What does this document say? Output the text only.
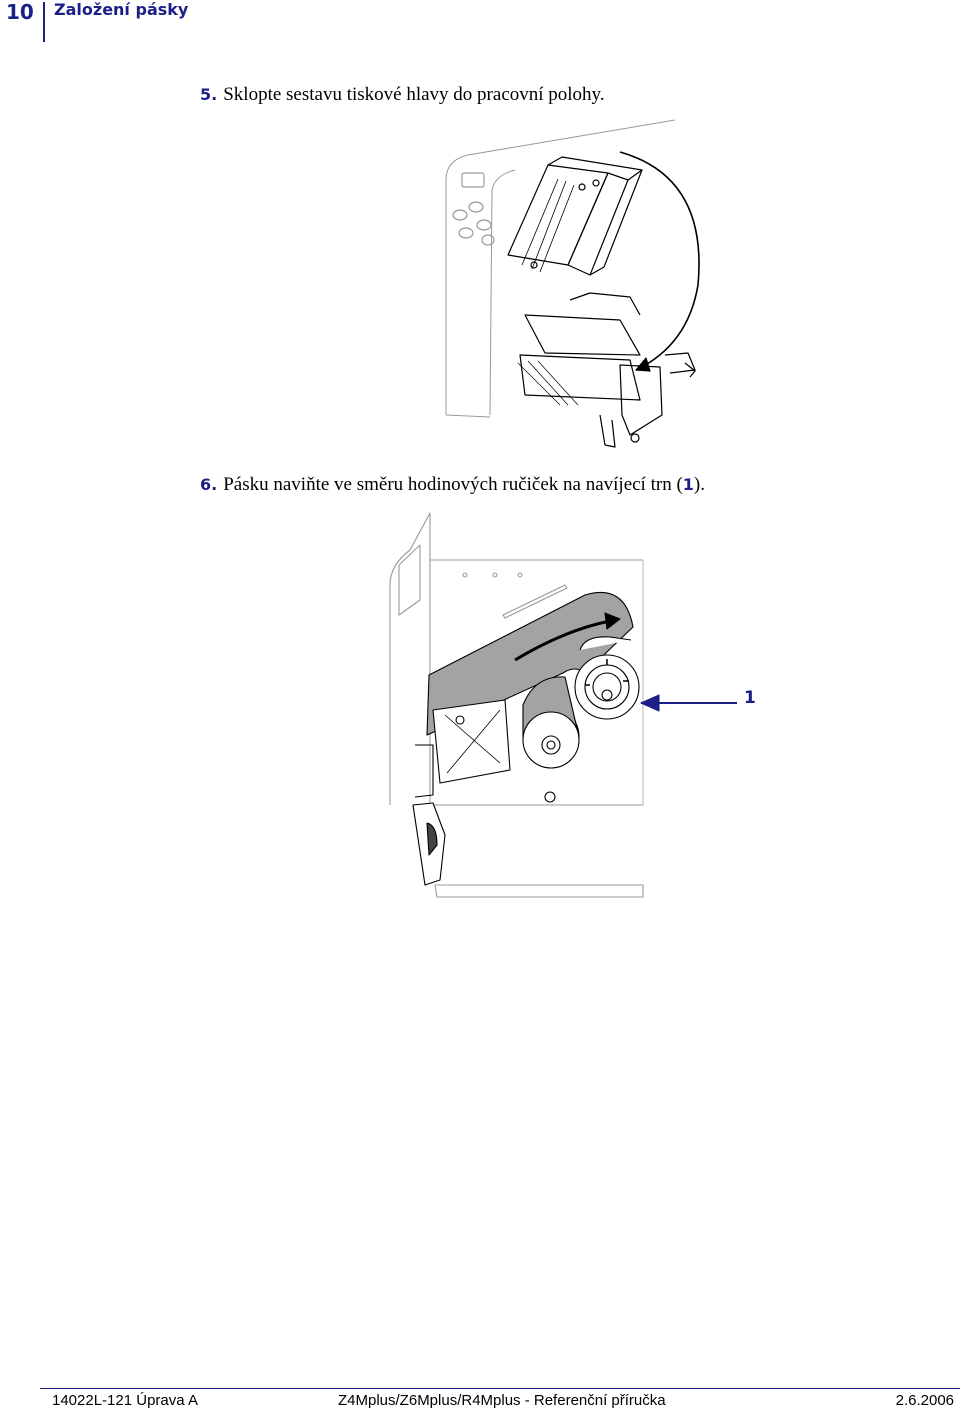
10 Založení pásky
5. Sklopte sestavu tiskové hlavy do pracovní polohy.
6. Pásku naviňte ve směru hodinových ručiček na navíjecí trn (1).
1
14022L-121 Úprava A	Z4Mplus/Z6Mplus/R4Mplus - Referenční příručka	2.6.2006
